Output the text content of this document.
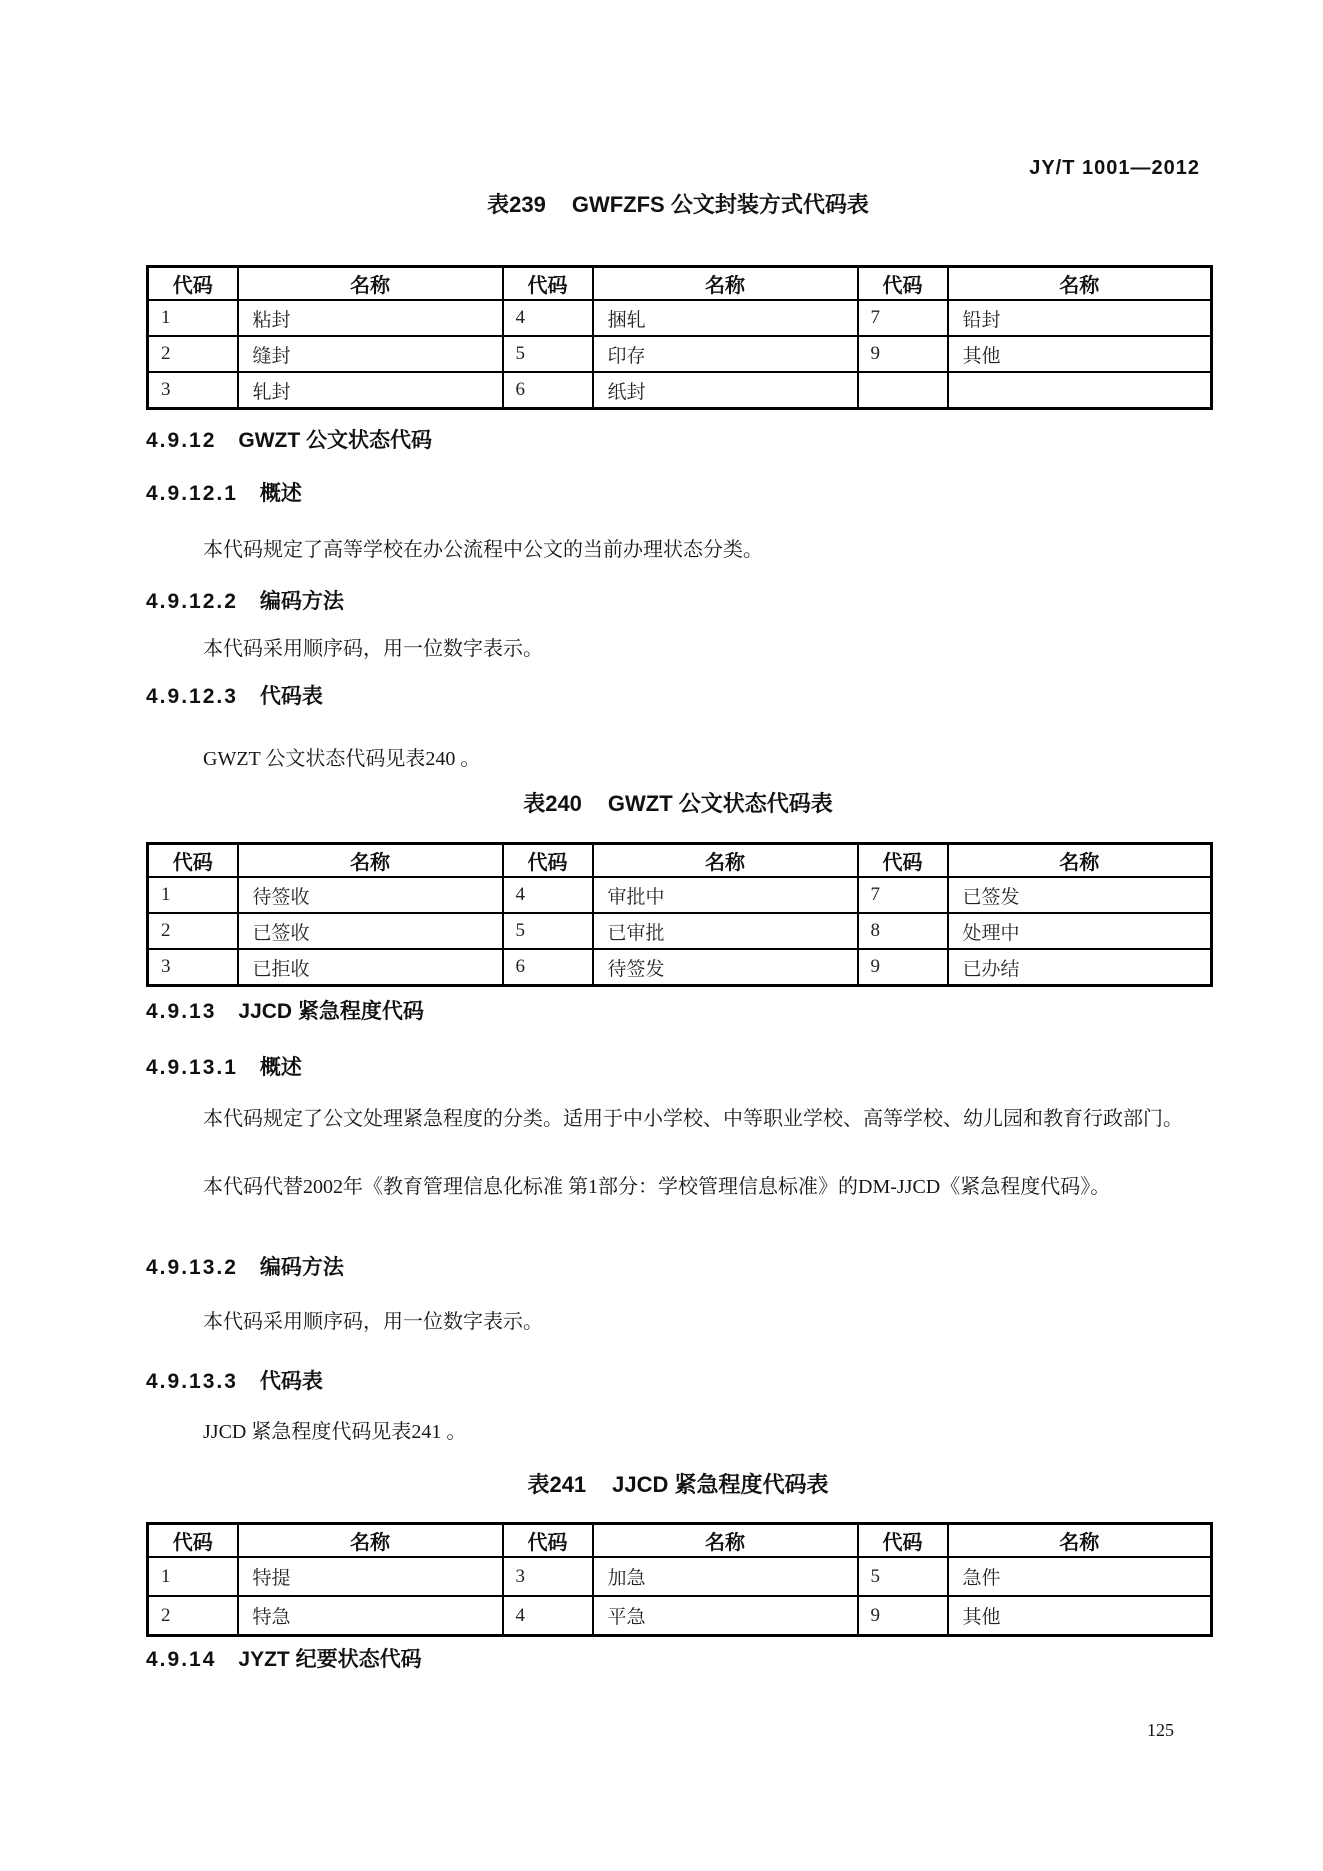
JY/T 1001—2012
表239 GWFZFS 公文封装方式代码表
代码	名称	代码	名称	代码	名称
1	粘封	4	捆轧	7	铅封
2	缝封	5	印存	9	其他
3	轧封	6	纸封		
4.9.12 GWZT 公文状态代码
4.9.12.1 概述

本代码规定了高等学校在办公流程中公文的当前办理状态分类。

4.9.12.2 编码方法

本代码采用顺序码，用一位数字表示。

4.9.12.3 代码表

GWZT 公文状态代码见表240 。

表240 GWZT 公文状态代码表
代码	名称	代码	名称	代码	名称
1	待签收	4	审批中	7	已签发
2	已签收	5	已审批	8	处理中
3	已拒收	6	待签发	9	已办结
4.9.13 JJCD 紧急程度代码
4.9.13.1 概述

本代码规定了公文处理紧急程度的分类。适用于中小学校、中等职业学校、高等学校、幼儿园和教育行政部门。

本代码代替2002年《教育管理信息化标准 第1部分：学校管理信息标准》的DM-JJCD《紧急程度代码》。

4.9.13.2 编码方法

本代码采用顺序码，用一位数字表示。

4.9.13.3 代码表

JJCD 紧急程度代码见表241 。

表241 JJCD 紧急程度代码表
代码	名称	代码	名称	代码	名称
1	特提	3	加急	5	急件
2	特急	4	平急	9	其他
4.9.14 JYZT 纪要状态代码
125
